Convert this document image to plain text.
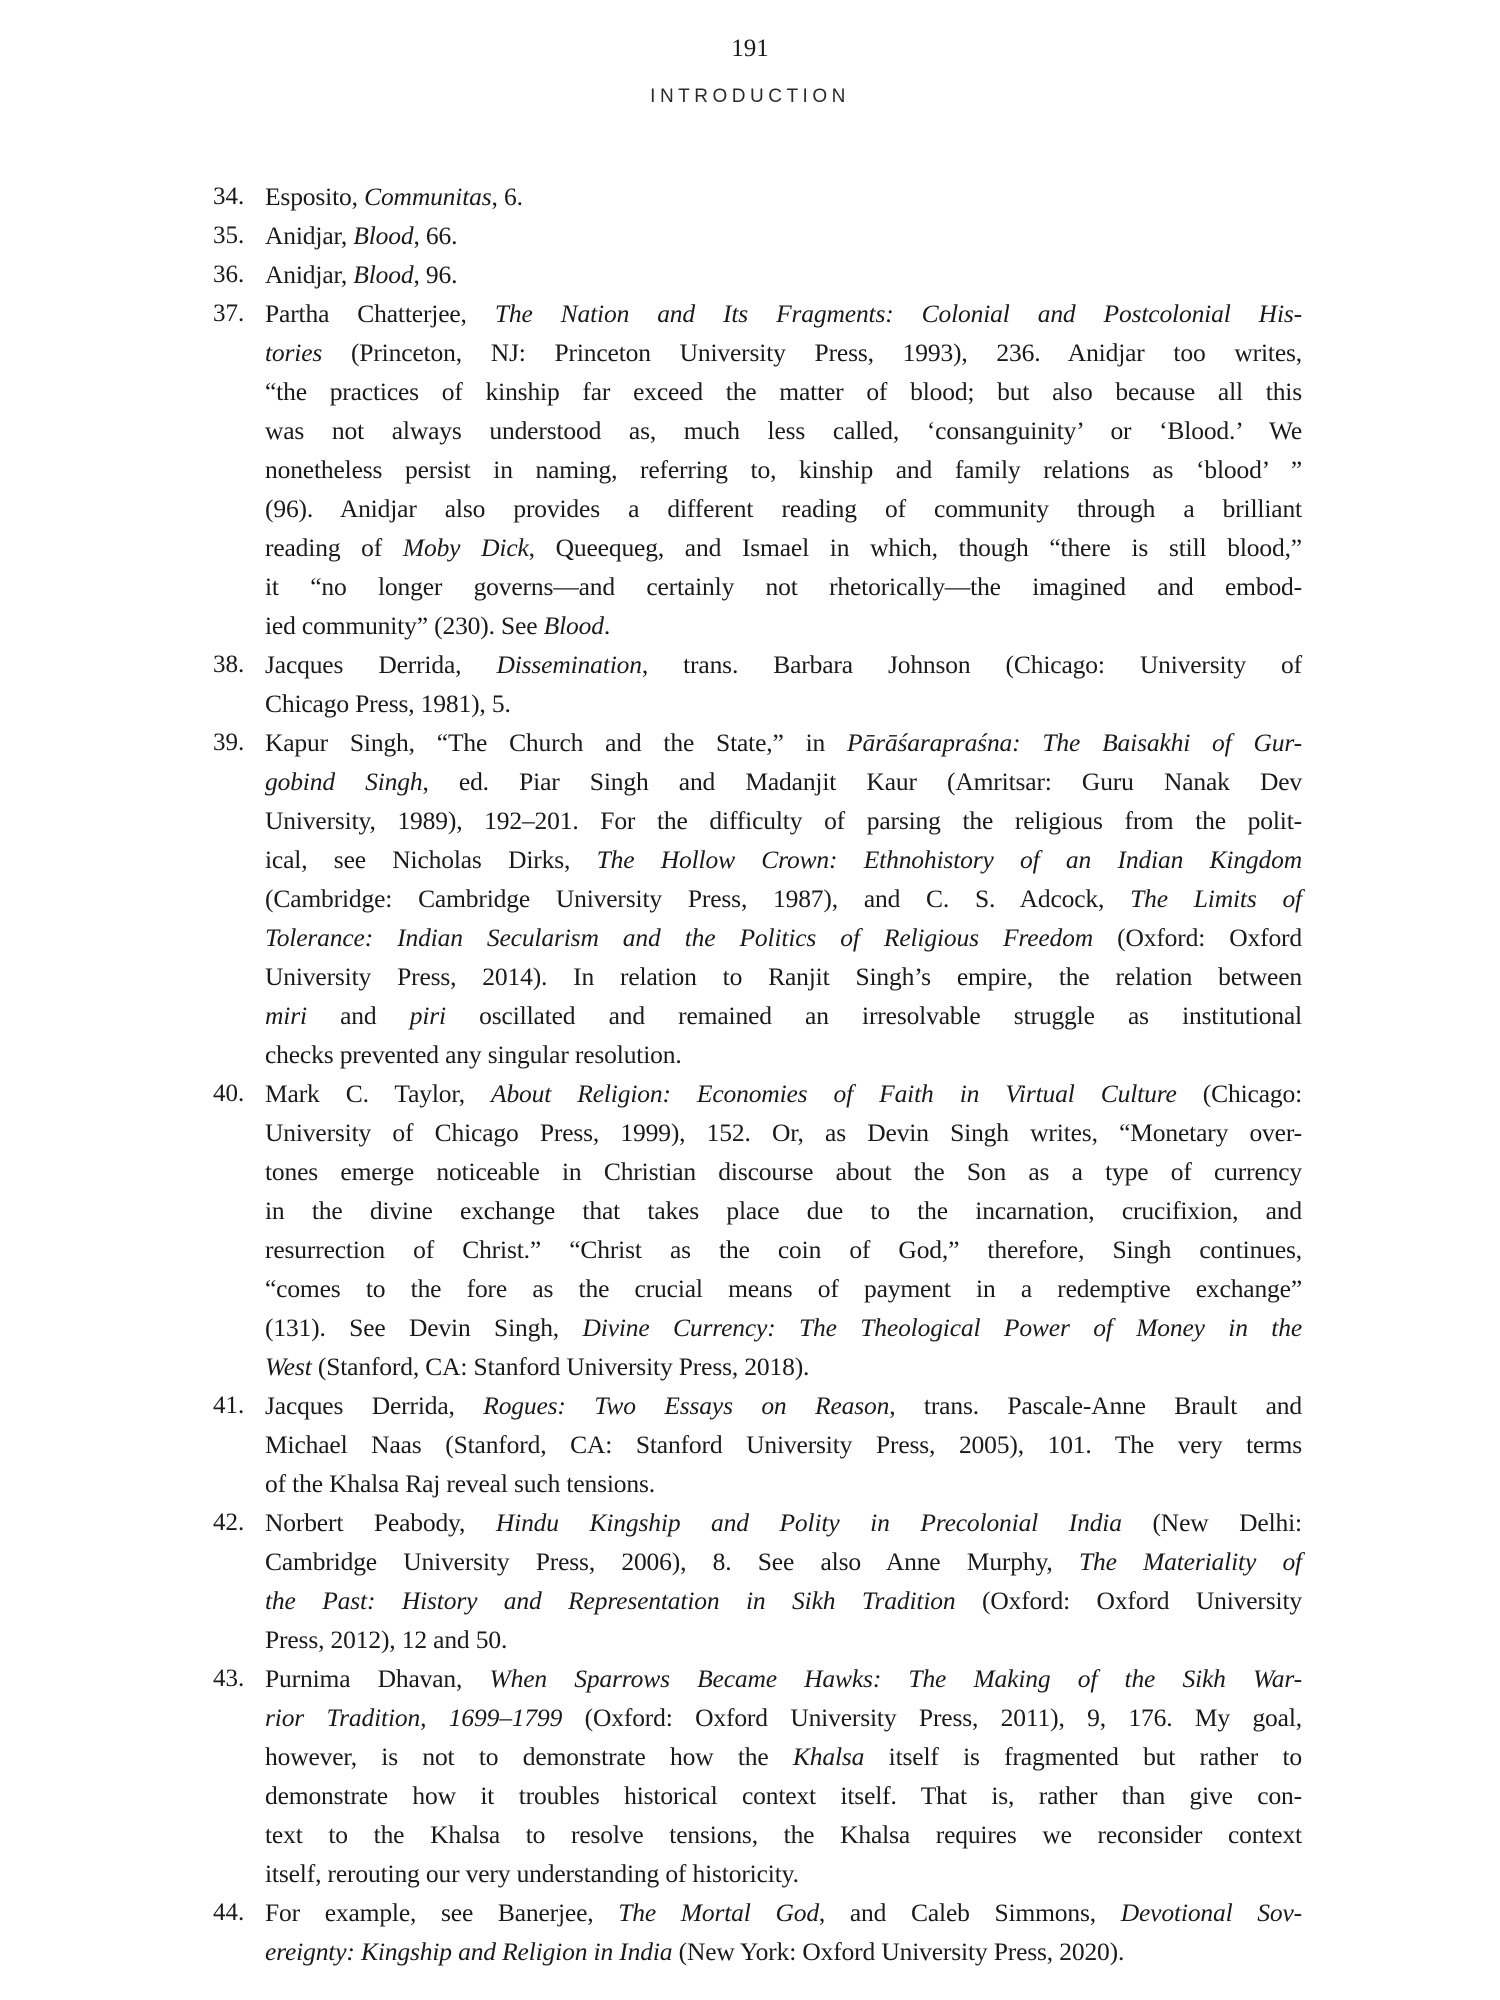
191
INTRODUCTION
34. Esposito, Communitas, 6.
35. Anidjar, Blood, 66.
36. Anidjar, Blood, 96.
37. Partha Chatterjee, The Nation and Its Fragments: Colonial and Postcolonial His-
tories (Princeton, NJ: Princeton University Press, 1993), 236. Anidjar too writes,
“the practices of kinship far exceed the matter of blood; but also because all this
was not always understood as, much less called, ‘consanguinity’ or ‘Blood.’ We
nonetheless persist in naming, referring to, kinship and family relations as ‘blood’ ”
(96). Anidjar also provides a different reading of community through a brilliant
reading of Moby Dick, Queequeg, and Ismael in which, though “there is still blood,”
it “no longer governs—and certainly not rhetorically—the imagined and embod-
ied community” (230). See Blood.
38. Jacques Derrida, Dissemination, trans. Barbara Johnson (Chicago: University of
Chicago Press, 1981), 5.
39. Kapur Singh, “The Church and the State,” in Pārāśarapraśna: The Baisakhi of Gur-
gobind Singh, ed. Piar Singh and Madanjit Kaur (Amritsar: Guru Nanak Dev
University, 1989), 192–201. For the difficulty of parsing the religious from the polit-
ical, see Nicholas Dirks, The Hollow Crown: Ethnohistory of an Indian Kingdom
(Cambridge: Cambridge University Press, 1987), and C. S. Adcock, The Limits of
Tolerance: Indian Secularism and the Politics of Religious Freedom (Oxford: Oxford
University Press, 2014). In relation to Ranjit Singh’s empire, the relation between
miri and piri oscillated and remained an irresolvable struggle as institutional
checks prevented any singular resolution.
40. Mark C. Taylor, About Religion: Economies of Faith in Virtual Culture (Chicago:
University of Chicago Press, 1999), 152. Or, as Devin Singh writes, “Monetary over-
tones emerge noticeable in Christian discourse about the Son as a type of currency
in the divine exchange that takes place due to the incarnation, crucifixion, and
resurrection of Christ.” “Christ as the coin of God,” therefore, Singh continues,
“comes to the fore as the crucial means of payment in a redemptive exchange”
(131). See Devin Singh, Divine Currency: The Theological Power of Money in the
West (Stanford, CA: Stanford University Press, 2018).
41. Jacques Derrida, Rogues: Two Essays on Reason, trans. Pascale-Anne Brault and
Michael Naas (Stanford, CA: Stanford University Press, 2005), 101. The very terms
of the Khalsa Raj reveal such tensions.
42. Norbert Peabody, Hindu Kingship and Polity in Precolonial India (New Delhi:
Cambridge University Press, 2006), 8. See also Anne Murphy, The Materiality of
the Past: History and Representation in Sikh Tradition (Oxford: Oxford University
Press, 2012), 12 and 50.
43. Purnima Dhavan, When Sparrows Became Hawks: The Making of the Sikh War-
rior Tradition, 1699–1799 (Oxford: Oxford University Press, 2011), 9, 176. My goal,
however, is not to demonstrate how the Khalsa itself is fragmented but rather to
demonstrate how it troubles historical context itself. That is, rather than give con-
text to the Khalsa to resolve tensions, the Khalsa requires we reconsider context
itself, rerouting our very understanding of historicity.
44. For example, see Banerjee, The Mortal God, and Caleb Simmons, Devotional Sov-
ereignty: Kingship and Religion in India (New York: Oxford University Press, 2020).
